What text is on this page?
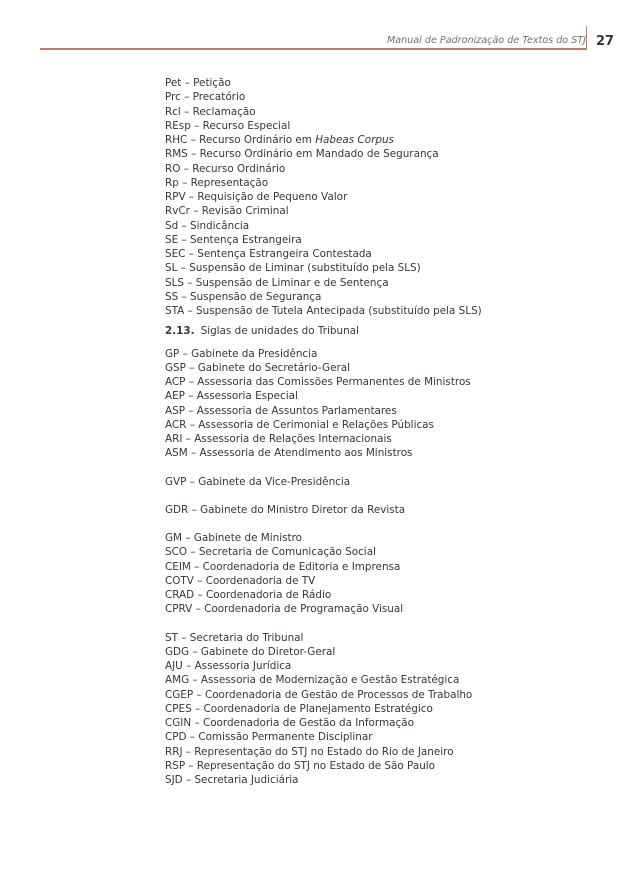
Manual de Padronização de Textos do STJ 27
Pet – Petição
Prc – Precatório
Rcl – Reclamação
REsp – Recurso Especial
RHC – Recurso Ordinário em Habeas Corpus
RMS – Recurso Ordinário em Mandado de Segurança
RO – Recurso Ordinário
Rp – Representação
RPV – Requisição de Pequeno Valor
RvCr – Revisão Criminal
Sd – Sindicância
SE – Sentença Estrangeira
SEC – Sentença Estrangeira Contestada
SL – Suspensão de Liminar (substituído pela SLS)
SLS – Suspensão de Liminar e de Sentença
SS – Suspensão de Segurança
STA – Suspensão de Tutela Antecipada (substituído pela SLS)
2.13. Siglas de unidades do Tribunal
GP – Gabinete da Presidência
GSP – Gabinete do Secretário-Geral
ACP – Assessoria das Comissões Permanentes de Ministros
AEP – Assessoria Especial
ASP – Assessoria de Assuntos Parlamentares
ACR – Assessoria de Cerimonial e Relações Públicas
ARI – Assessoria de Relações Internacionais
ASM – Assessoria de Atendimento aos Ministros
GVP – Gabinete da Vice-Presidência
GDR – Gabinete do Ministro Diretor da Revista
GM – Gabinete de Ministro
SCO – Secretaria de Comunicação Social
CEIM – Coordenadoria de Editoria e Imprensa
COTV – Coordenadoria de TV
CRAD – Coordenadoria de Rádio
CPRV – Coordenadoria de Programação Visual
ST – Secretaria do Tribunal
GDG – Gabinete do Diretor-Geral
AJU – Assessoria Jurídica
AMG – Assessoria de Modernização e Gestão Estratégica
CGEP – Coordenadoria de Gestão de Processos de Trabalho
CPES – Coordenadoria de Planejamento Estratégico
CGIN – Coordenadoria de Gestão da Informação
CPD – Comissão Permanente Disciplinar
RRJ – Representação do STJ no Estado do Rio de Janeiro
RSP – Representação do STJ no Estado de São Paulo
SJD – Secretaria Judiciária
